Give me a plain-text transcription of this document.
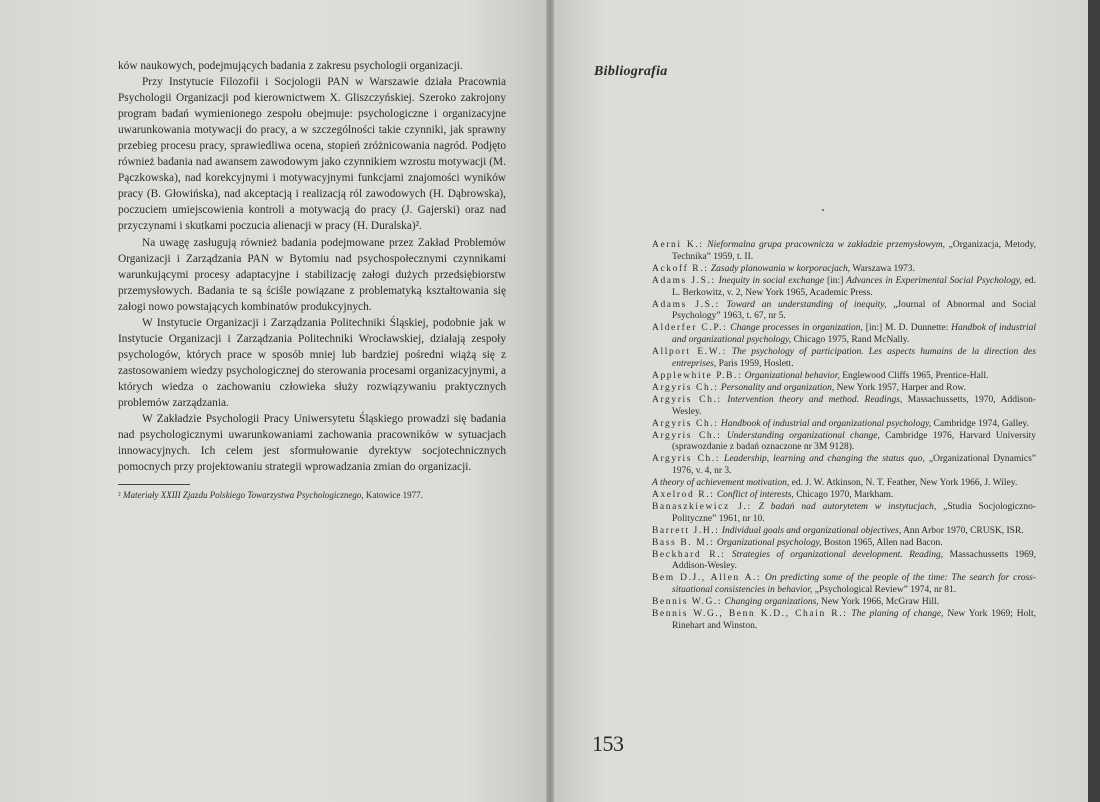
ków naukowych, podejmujących badania z zakresu psychologii organizacji.

Przy Instytucie Filozofii i Socjologii PAN w Warszawie działa Pracownia Psychologii Organizacji pod kierownictwem X. Gliszczyńskiej. Szeroko zakrojony program badań wymienionego zespołu obejmuje: psychologiczne i organizacyjne uwarunkowania motywacji do pracy, a w szczególności takie czynniki, jak sprawny przebieg procesu pracy, sprawiedliwa ocena, stopień zróżnicowania nagród. Podjęto również badania nad awansem zawodowym jako czynnikiem wzrostu motywacji (M. Pączkowska), nad korekcyjnymi i motywacyjnymi funkcjami znajomości wyników pracy (B. Głowińska), nad akceptacją i realizacją ról zawodowych (H. Dąbrowska), poczuciem umiejscowienia kontroli a motywacją do pracy (J. Gajerski) oraz nad przyczynami i skutkami poczucia alienacji w pracy (H. Duralska)².

Na uwagę zasługują również badania podejmowane przez Zakład Problemów Organizacji i Zarządzania PAN w Bytomiu nad psychospołecznymi czynnikami warunkującymi procesy adaptacyjne i stabilizację załogi dużych przedsiębiorstw przemysłowych. Badania te są ściśle powiązane z problematyką kształtowania się załogi nowo powstających kombinatów produkcyjnych.

W Instytucie Organizacji i Zarządzania Politechniki Śląskiej, podobnie jak w Instytucie Organizacji i Zarządzania Politechniki Wrocławskiej, działają zespoły psychologów, których prace w sposób mniej lub bardziej pośredni wiążą się z zastosowaniem wiedzy psychologicznej do sterowania procesami organizacyjnymi, a których wiedza o zachowaniu człowieka służy rozwiązywaniu praktycznych problemów zarządzania.

W Zakładzie Psychologii Pracy Uniwersytetu Śląskiego prowadzi się badania nad psychologicznymi uwarunkowaniami zachowania pracowników w sytuacjach innowacyjnych. Ich celem jest sformułowanie dyrektyw socjotechnicznych pomocnych przy projektowaniu strategii wprowadzania zmian do organizacji.

² Materiały XXIII Zjazdu Polskiego Towarzystwa Psychologicznego, Katowice 1977.
Bibliografia
153
Aerni K.: Nieformalna grupa pracownicza w zakładzie przemysłowym, „Organizacja, Metody, Technika” 1959, t. II.
Ackoff R.: Zasady planowania w korporacjach, Warszawa 1973.
Adams J.S.: Inequity in social exchange [in:] Advances in Experimental Social Psychology, ed. L. Berkowitz, v. 2, New York 1965, Academic Press.
Adams J.S.: Toward an understanding of inequity, „Journal of Abnormal and Social Psychology” 1963, t. 67, nr 5.
Alderfer C.P.: Change processes in organization, [in:] M. D. Dunnette: Handbok of industrial and organizational psychology, Chicago 1975, Rand McNally.
Allport E.W.: The psychology of participation. Les aspects humains de la direction des entreprises, Paris 1959, Hoslett.
Applewhite P.B.: Organizational behavior, Englewood Cliffs 1965, Prentice-Hall.
Argyris Ch.: Personality and organization, New York 1957, Harper and Row.
Argyris Ch.: Intervention theory and method. Readings, Massachussetts, 1970, Addison-Wesley.
Argyris Ch.: Handbook of industrial and organizational psychology, Cambridge 1974, Galley.
Argyris Ch.: Understanding organizational change, Cambridge 1976, Harvard University (sprawozdanie z badań oznaczone nr 3M 9128).
Argyris Ch.: Leadership, learning and changing the status quo, „Organizational Dynamics” 1976, v. 4, nr 3.
A theory of achievement motivation, ed. J. W. Atkinson, N. T. Feather, New York 1966, J. Wiley.
Axelrod R.: Conflict of interests, Chicago 1970, Markham.
Banaszkiewicz J.: Z badań nad autorytetem w instytucjach, „Studia Socjologiczno-Polityczne” 1961, nr 10.
Barrett J.H.: Individual goals and organizational objectives, Ann Arbor 1970, CRUSK, ISR.
Bass B. M.: Organizational psychology, Boston 1965, Allen nad Bacon.
Beckhard R.: Strategies of organizational development. Reading, Massachussetts 1969, Addison-Wesley.
Bem D.J., Allen A.: On predicting some of the people of the time: The search for cross-situational consistencies in behavior, „Psychological Review” 1974, nr 81.
Bennis W.G.: Changing organizations, New York 1966, McGraw Hill.
Bennis W.G., Benn K.D., Chain R.: The planing of change, New York 1969; Holt, Rinehart and Winston.
